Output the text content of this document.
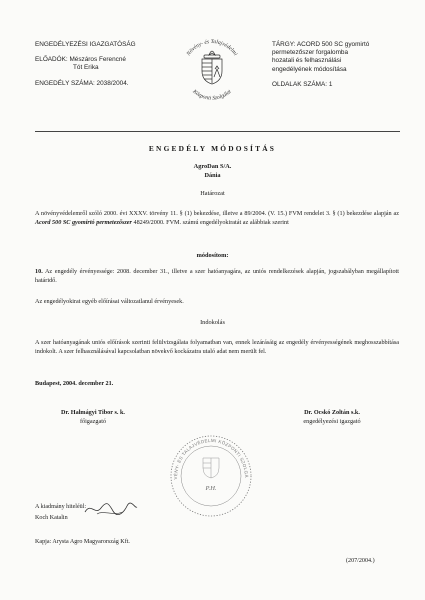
ENGEDÉLYEZÉSI IGAZGATÓSÁG
ELŐADÓK: Mészáros Ferencné
Tót Erika
ENGEDÉLY SZÁMA: 2038/2004.
Növény- és Talajvédelmi
Központi Szolgálat
TÁRGY: ACORD 500 SC gyomirtó
permetezőszer forgalomba
hozatali és felhasználási
engedélyének módosítása
OLDALAK SZÁMA: 1
ENGEDÉLY MÓDOSÍTÁS
AgroDan S/A.
Dánia
Határozat

A növényvédelemről szóló 2000. évi XXXV. törvény 11. § (1) bekezdése, illetve a 89/2004. (V. 15.) FVM rendelet 3. § (1) bekezdése alapján az Acord 500 SC gyomirtó permetezőszer 48249/2000. FVM. számú engedélyokiratát az alábbiak szerint

módosítom:

10. Az engedély érvényessége: 2008. december 31., illetve a szer hatóanyagára, az uniós rendelkezések alapján, jogszabályban megállapított határidő.

Az engedélyokirat egyéb előírásai változatlanul érvényesek.
Indokolás
A szer hatóanyagának uniós előírások szerinti felülvizsgálata folyamatban van, ennek lezárásáig az engedély érvényességének meghosszabbítása indokolt. A szer felhasználásával kapcsolatban növekvő kockázatra utaló adat nem merült fel.
Budapest, 2004. december 21.
Dr. Halmágyi Tibor s. k.
főigazgató
Dr. Ocskó Zoltán s.k.
engedélyezési igazgató
VÉNY- ÉS TALAJVÉDELMI KÖZPONTI SZOLGÁ
P.H.
A kiadmány hiteléül:
Koch Katalin
Kapja: Arysta Agro Magyarország Kft.
(207/2004.)
